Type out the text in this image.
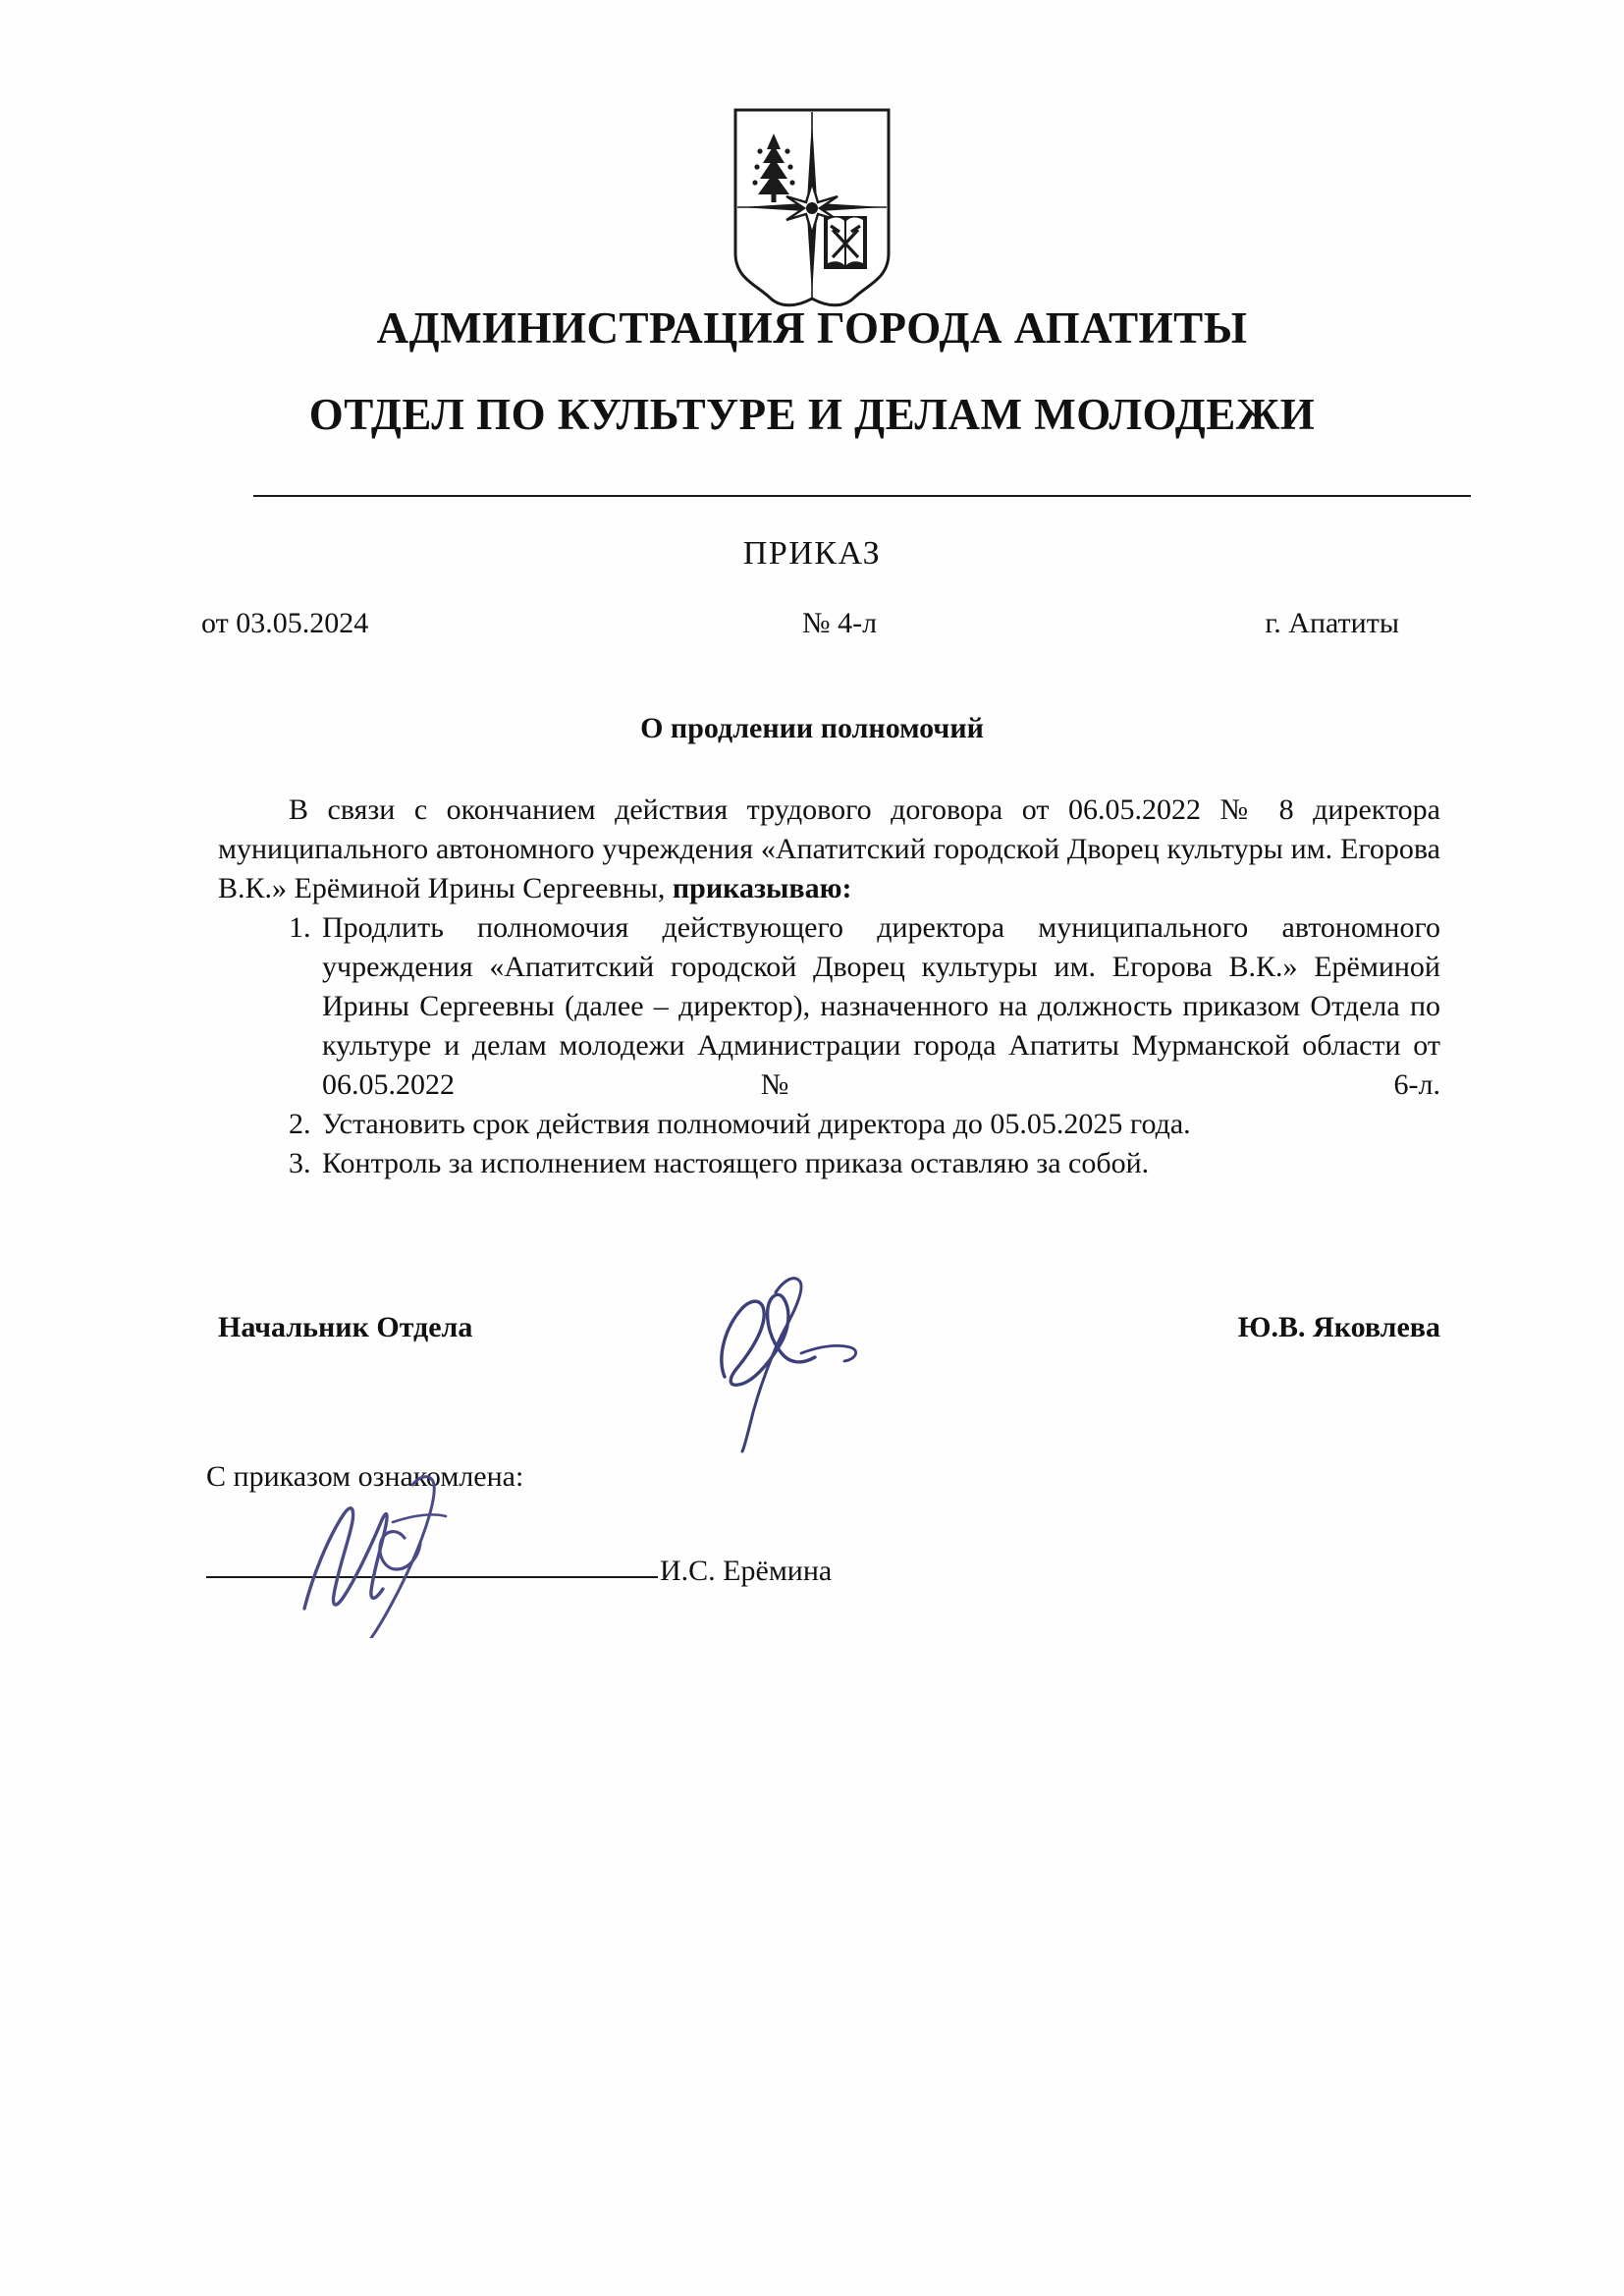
АДМИНИСТРАЦИЯ ГОРОДА АПАТИТЫ
ОТДЕЛ ПО КУЛЬТУРЕ И ДЕЛАМ МОЛОДЕЖИ
ПРИКАЗ
от 03.05.2024	№ 4-л	г. Апатиты
О продлении полномочий

В связи с окончанием действия трудового договора от 06.05.2022 № 8 директора муниципального автономного учреждения «Апатитский городской Дворец культуры им. Егорова В.К.» Ерёминой Ирины Сергеевны, приказываю:

1. Продлить полномочия действующего директора муниципального автономного учреждения «Апатитский городской Дворец культуры им. Егорова В.К.» Ерёминой Ирины Сергеевны (далее – директор), назначенного на должность приказом Отдела по культуре и делам молодежи Администрации города Апатиты Мурманской области от 06.05.2022 № 6-л.
2. Установить срок действия полномочий директора до 05.05.2025 года.
3. Контроль за исполнением настоящего приказа оставляю за собой.
Начальник Отдела	Ю.В. Яковлева
С приказом ознакомлена:
И.С. Ерёмина
